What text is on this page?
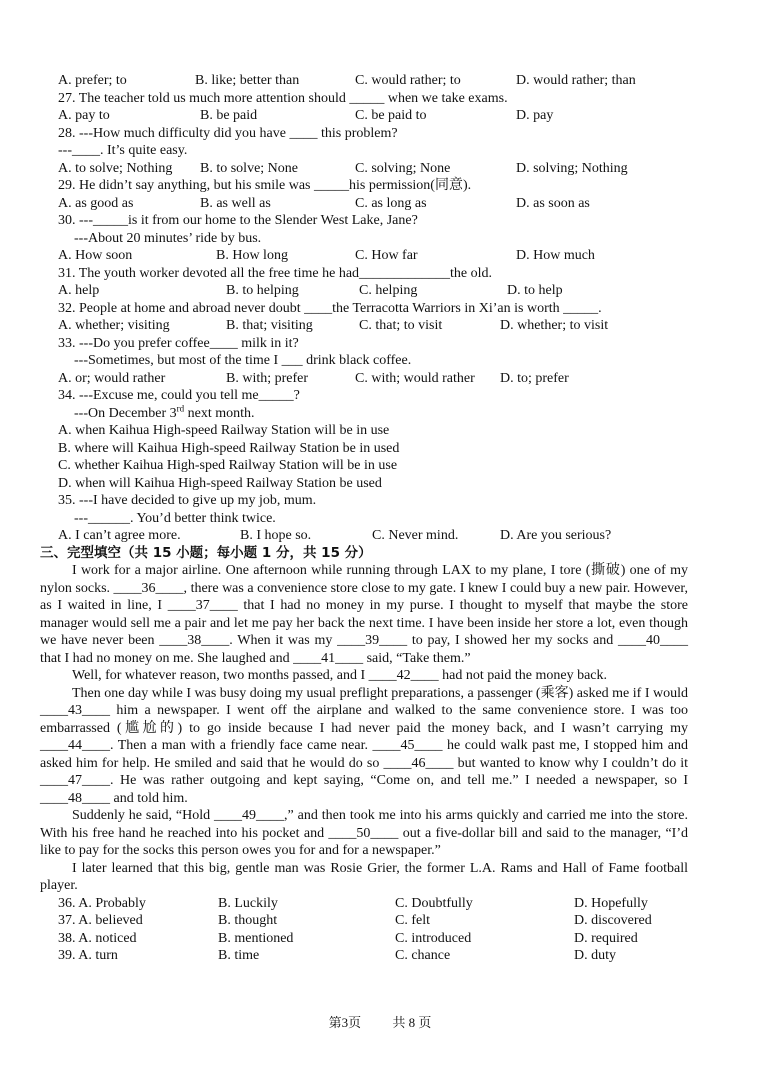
A. prefer; to	B. like; better than	C. would rather; to	D. would rather; than
27. The teacher told us much more attention should _____ when we take exams.
A. pay to	B. be paid	C. be paid to	D. pay
28. ---How much difficulty did you have ____ this problem?
---____. It’s quite easy.
A. to solve; Nothing B. to solve; None	C. solving; None	D. solving; Nothing
29. He didn’t say anything, but his smile was _____his permission(同意).
A. as good as	B. as well as	C. as long as	D. as soon as
30. ---_____is it from our home to the Slender West Lake, Jane?
---About 20 minutes’ ride by bus.
A. How soon	B. How long	C. How far	D. How much
31. The youth worker devoted all the free time he had_____________the old.
A. help	B. to helping	C. helping	D. to help
32. People at home and abroad never doubt ____the Terracotta Warriors in Xi’an is worth _____.
A. whether; visiting	B. that; visiting	C. that; to visit	D. whether; to visit
33. ---Do you prefer coffee____ milk in it?
---Sometimes, but most of the time I ___ drink black coffee.
A. or; would rather	B. with; prefer	C. with; would rather D. to; prefer
34. ---Excuse me, could you tell me_____?
---On December 3rd next month.
A. when Kaihua High-speed Railway Station will be in use
B. where will Kaihua High-speed Railway Station be in used
C. whether Kaihua High-sped Railway Station will be in use
D. when will Kaihua High-speed Railway Station be used
35. ---I have decided to give up my job, mum.
---______. You’d better think twice.
A. I can’t agree more.	B. I hope so.	C. Never mind.	D. Are you serious?
三、完型填空（共 15 小题；每小题 1 分，共 15 分）

I work for a major airline. One afternoon while running through LAX to my plane, I tore (撕破) one of my nylon socks. ____36____, there was a convenience store close to my gate. I knew I could buy a new pair. However, as I waited in line, I ____37____ that I had no money in my purse. I thought to myself that maybe the store manager would sell me a pair and let me pay her back the next time. I have been inside her store a lot, even though we have never been ____38____. When it was my ____39____ to pay, I showed her my socks and ____40____ that I had no money on me. She laughed and ____41____ said, “Take them.”

Well, for whatever reason, two months passed, and I ____42____ had not paid the money back.

Then one day while I was busy doing my usual preflight preparations, a passenger (乘客) asked me if I would ____43____ him a newspaper. I went off the airplane and walked to the same convenience store. I was too embarrassed (尴尬的) to go inside because I had never paid the money back, and I wasn’t carrying my ____44____. Then a man with a friendly face came near. ____45____ he could walk past me, I stopped him and asked him for help. He smiled and said that he would do so ____46____ but wanted to know why I couldn’t do it ____47____. He was rather outgoing and kept saying, “Come on, and tell me.” I needed a newspaper, so I ____48____ and told him.

Suddenly he said, “Hold ____49____,” and then took me into his arms quickly and carried me into the store. With his free hand he reached into his pocket and ____50____ out a five-dollar bill and said to the manager, “I’d like to pay for the socks this person owes you for and for a newspaper.”

I later learned that this big, gentle man was Rosie Grier, the former L.A. Rams and Hall of Fame football player.

36. A. Probably	B. Luckily	C. Doubtfully	D. Hopefully
37. A. believed	B. thought	C. felt	D. discovered
38. A. noticed	B. mentioned	C. introduced	D. required
39. A. turn	B. time	C. chance	D. duty
第3页 共 8 页
